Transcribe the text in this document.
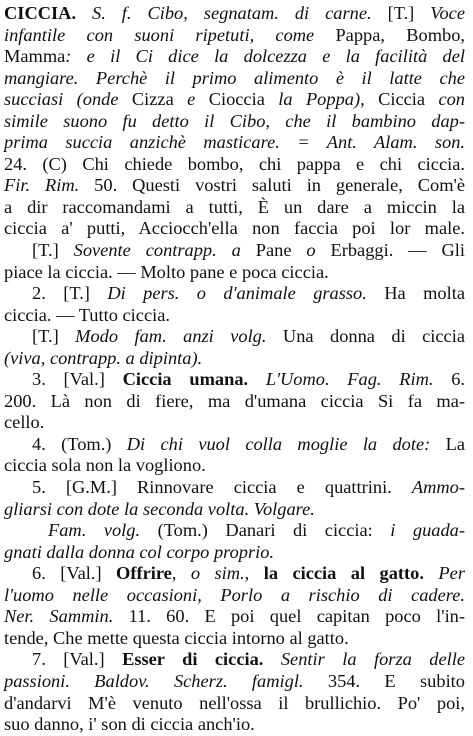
CICCIA. S. f. Cibo, segnatam. di carne. [T.] Voce
infantile con suoni ripetuti, come Pappa, Bombo,
Mamma: e il Ci dice la dolcezza e la facilità del
mangiare. Perchè il primo alimento è il latte che
succiasi (onde Cizza e Cioccia la Poppa), Ciccia con
simile suono fu detto il Cibo, che il bambino dap-
prima succia anzichè masticare. = Ant. Alam. son.
24. (C) Chi chiede bombo, chi pappa e chi ciccia.
Fir. Rim. 50. Questi vostri saluti in generale, Com'è
a dir raccomandami a tutti, È un dare a miccin la
ciccia a' putti, Acciocch'ella non faccia poi lor male.
[T.] Sovente contrapp. a Pane o Erbaggi. — Gli
piace la ciccia. — Molto pane e poca ciccia.
2. [T.] Di pers. o d'animale grasso. Ha molta
ciccia. — Tutto ciccia.
[T.] Modo fam. anzi volg. Una donna di ciccia
(viva, contrapp. a dipinta).
3. [Val.] Ciccia umana. L'Uomo. Fag. Rim. 6.
200. Là non di fiere, ma d'umana ciccia Si fa ma-
cello.
4. (Tom.) Di chi vuol colla moglie la dote: La
ciccia sola non la vogliono.
5. [G.M.] Rinnovare ciccia e quattrini. Ammo-
gliarsi con dote la seconda volta. Volgare.
Fam. volg. (Tom.) Danari di ciccia: i guada-
gnati dalla donna col corpo proprio.
6. [Val.] Offrire, o sim., la ciccia al gatto. Per
l'uomo nelle occasioni, Porlo a rischio di cadere.
Ner. Sammin. 11. 60. E poi quel capitan poco l'in-
tende, Che mette questa ciccia intorno al gatto.
7. [Val.] Esser di ciccia. Sentir la forza delle
passioni. Baldov. Scherz. famigl. 354. E subito
d'andarvi M'è venuto nell'ossa il brullichio. Po' poi,
suo danno, i' son di ciccia anch'io.
